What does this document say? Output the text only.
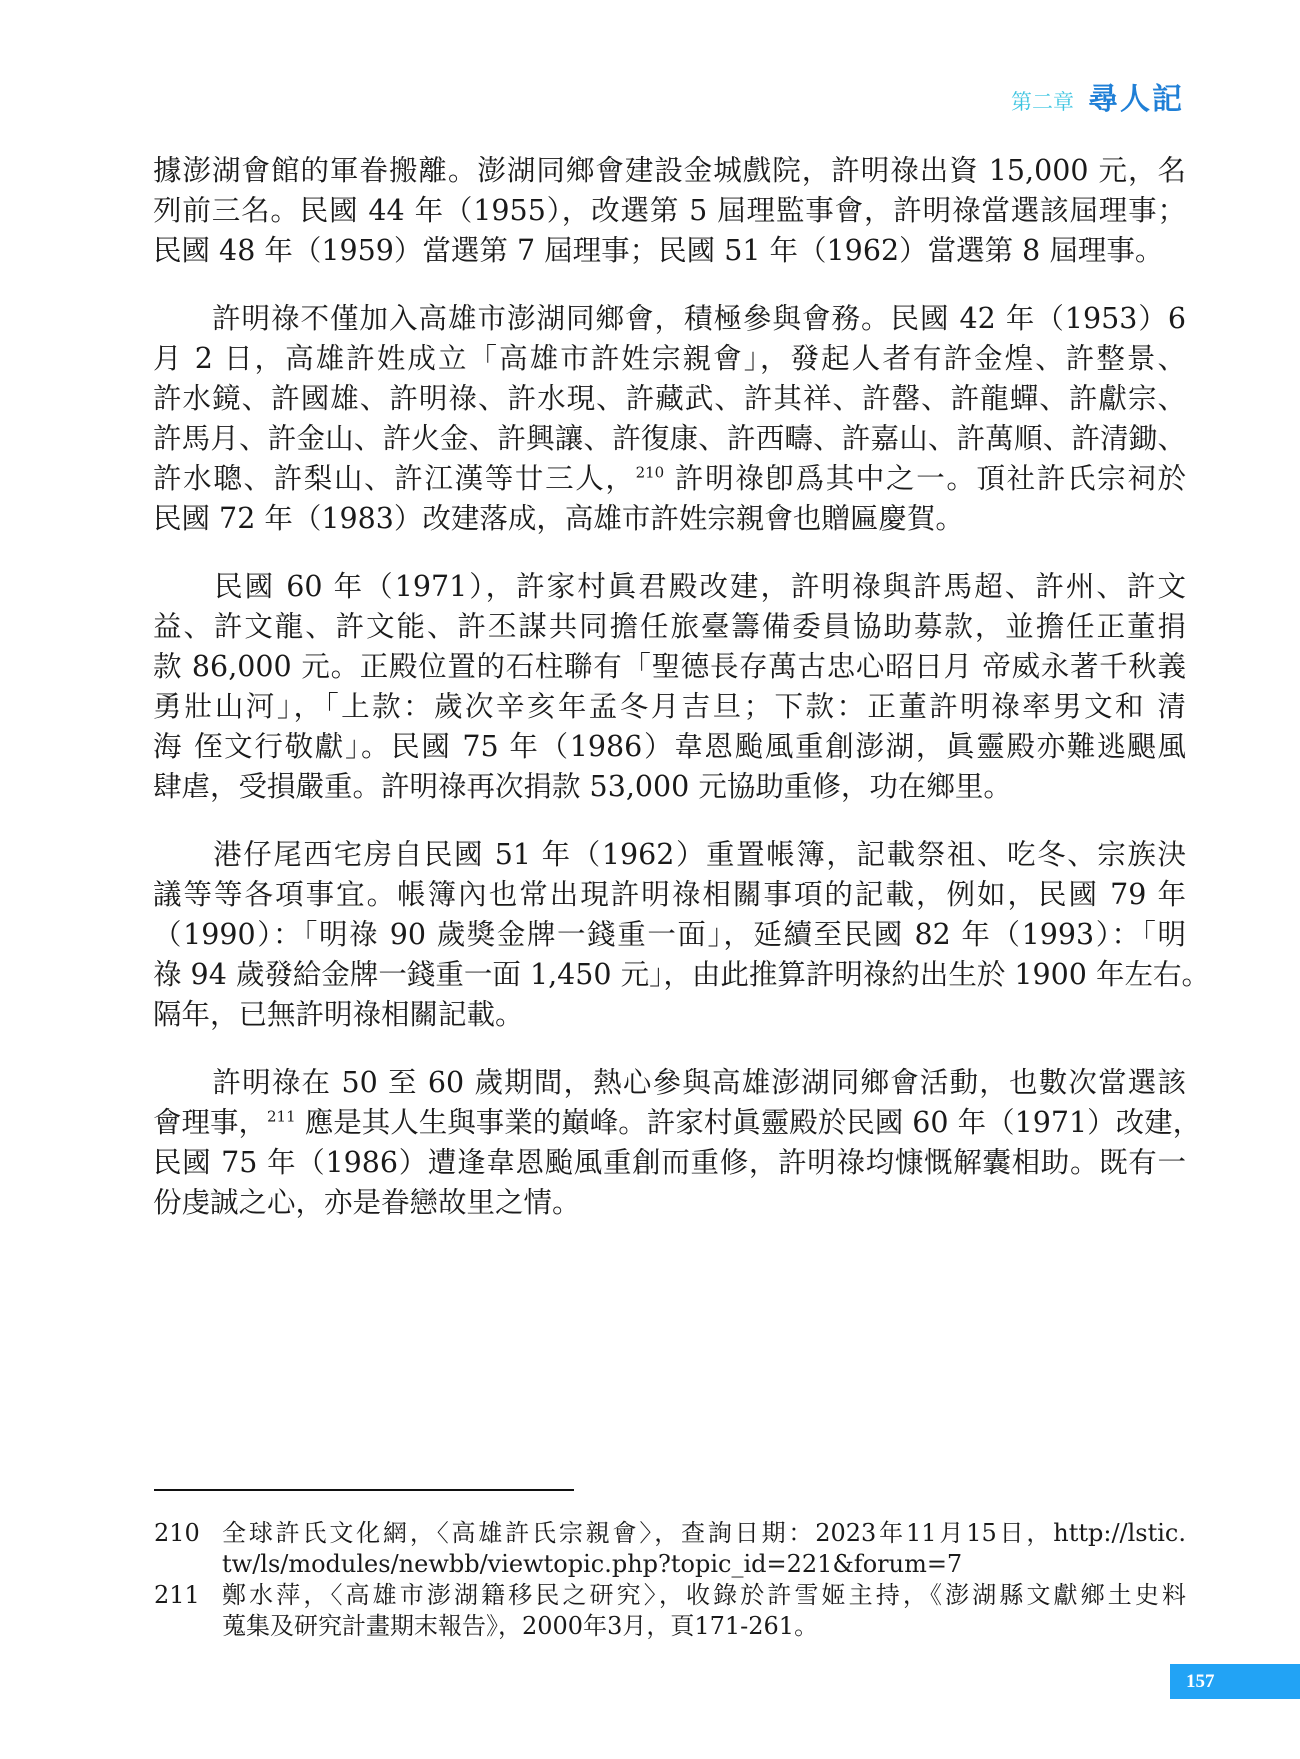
第二章 尋人記
據澎湖會館的軍眷搬離。澎湖同鄉會建設金城戲院，許明祿出資 15,000 元，名
列前三名。民國 44 年（1955），改選第 5 屆理監事會，許明祿當選該屆理事；
民國 48 年（1959）當選第 7 屆理事；民國 51 年（1962）當選第 8 屆理事。
　　許明祿不僅加入高雄市澎湖同鄉會，積極參與會務。民國 42 年（1953）6
月 2 日，高雄許姓成立「高雄市許姓宗親會」，發起人者有許金煌、許整景、
許水鏡、許國雄、許明祿、許水現、許藏武、許其祥、許罄、許龍蟬、許獻宗、
許馬月、許金山、許火金、許興讓、許復康、許西疇、許嘉山、許萬順、許清鋤、
許水聰、許梨山、許江漢等廿三人，$^{210}$ 許明祿卽爲其中之一。頂社許氏宗祠於
民國 72 年（1983）改建落成，高雄市許姓宗親會也贈匾慶賀。
　　民國 60 年（1971），許家村眞君殿改建，許明祿與許馬超、許州、許文
益、許文龍、許文能、許丕謀共同擔任旅臺籌備委員協助募款，並擔任正董捐
款 86,000 元。正殿位置的石柱聯有「聖德長存萬古忠心昭日月 帝威永著千秋義
勇壯山河」，「上款：歲次辛亥年孟冬月吉旦；下款：正董許明祿率男文和 清
海 侄文行敬獻」。民國 75 年（1986）韋恩颱風重創澎湖，眞靈殿亦難逃颶風
肆虐，受損嚴重。許明祿再次捐款 53,000 元協助重修，功在鄉里。
　　港仔尾西宅房自民國 51 年（1962）重置帳簿，記載祭祖、吃冬、宗族決
議等等各項事宜。帳簿內也常出現許明祿相關事項的記載，例如，民國 79 年
（1990）：「明祿 90 歲獎金牌一錢重一面」，延續至民國 82 年（1993）：「明
祿 94 歲發給金牌一錢重一面 1,450 元」，由此推算許明祿約出生於 1900 年左右。
隔年，已無許明祿相關記載。
　　許明祿在 50 至 60 歲期間，熱心參與高雄澎湖同鄉會活動，也數次當選該
會理事，$^{211}$ 應是其人生與事業的巔峰。許家村眞靈殿於民國 60 年（1971）改建，
民國 75 年（1986）遭逢韋恩颱風重創而重修，許明祿均慷慨解囊相助。既有一
份虔誠之心，亦是眷戀故里之情。
210 全球許氏文化網，〈高雄許氏宗親會〉，查詢日期：2023年11月15日，http://lstic.
tw/ls/modules/newbb/viewtopic.php?topic_id=221&forum=7
211 鄭水萍，〈高雄市澎湖籍移民之研究〉，收錄於許雪姬主持，《澎湖縣文獻鄉土史料
蒐集及研究計畫期末報告》，2000年3月，頁171-261。
157
